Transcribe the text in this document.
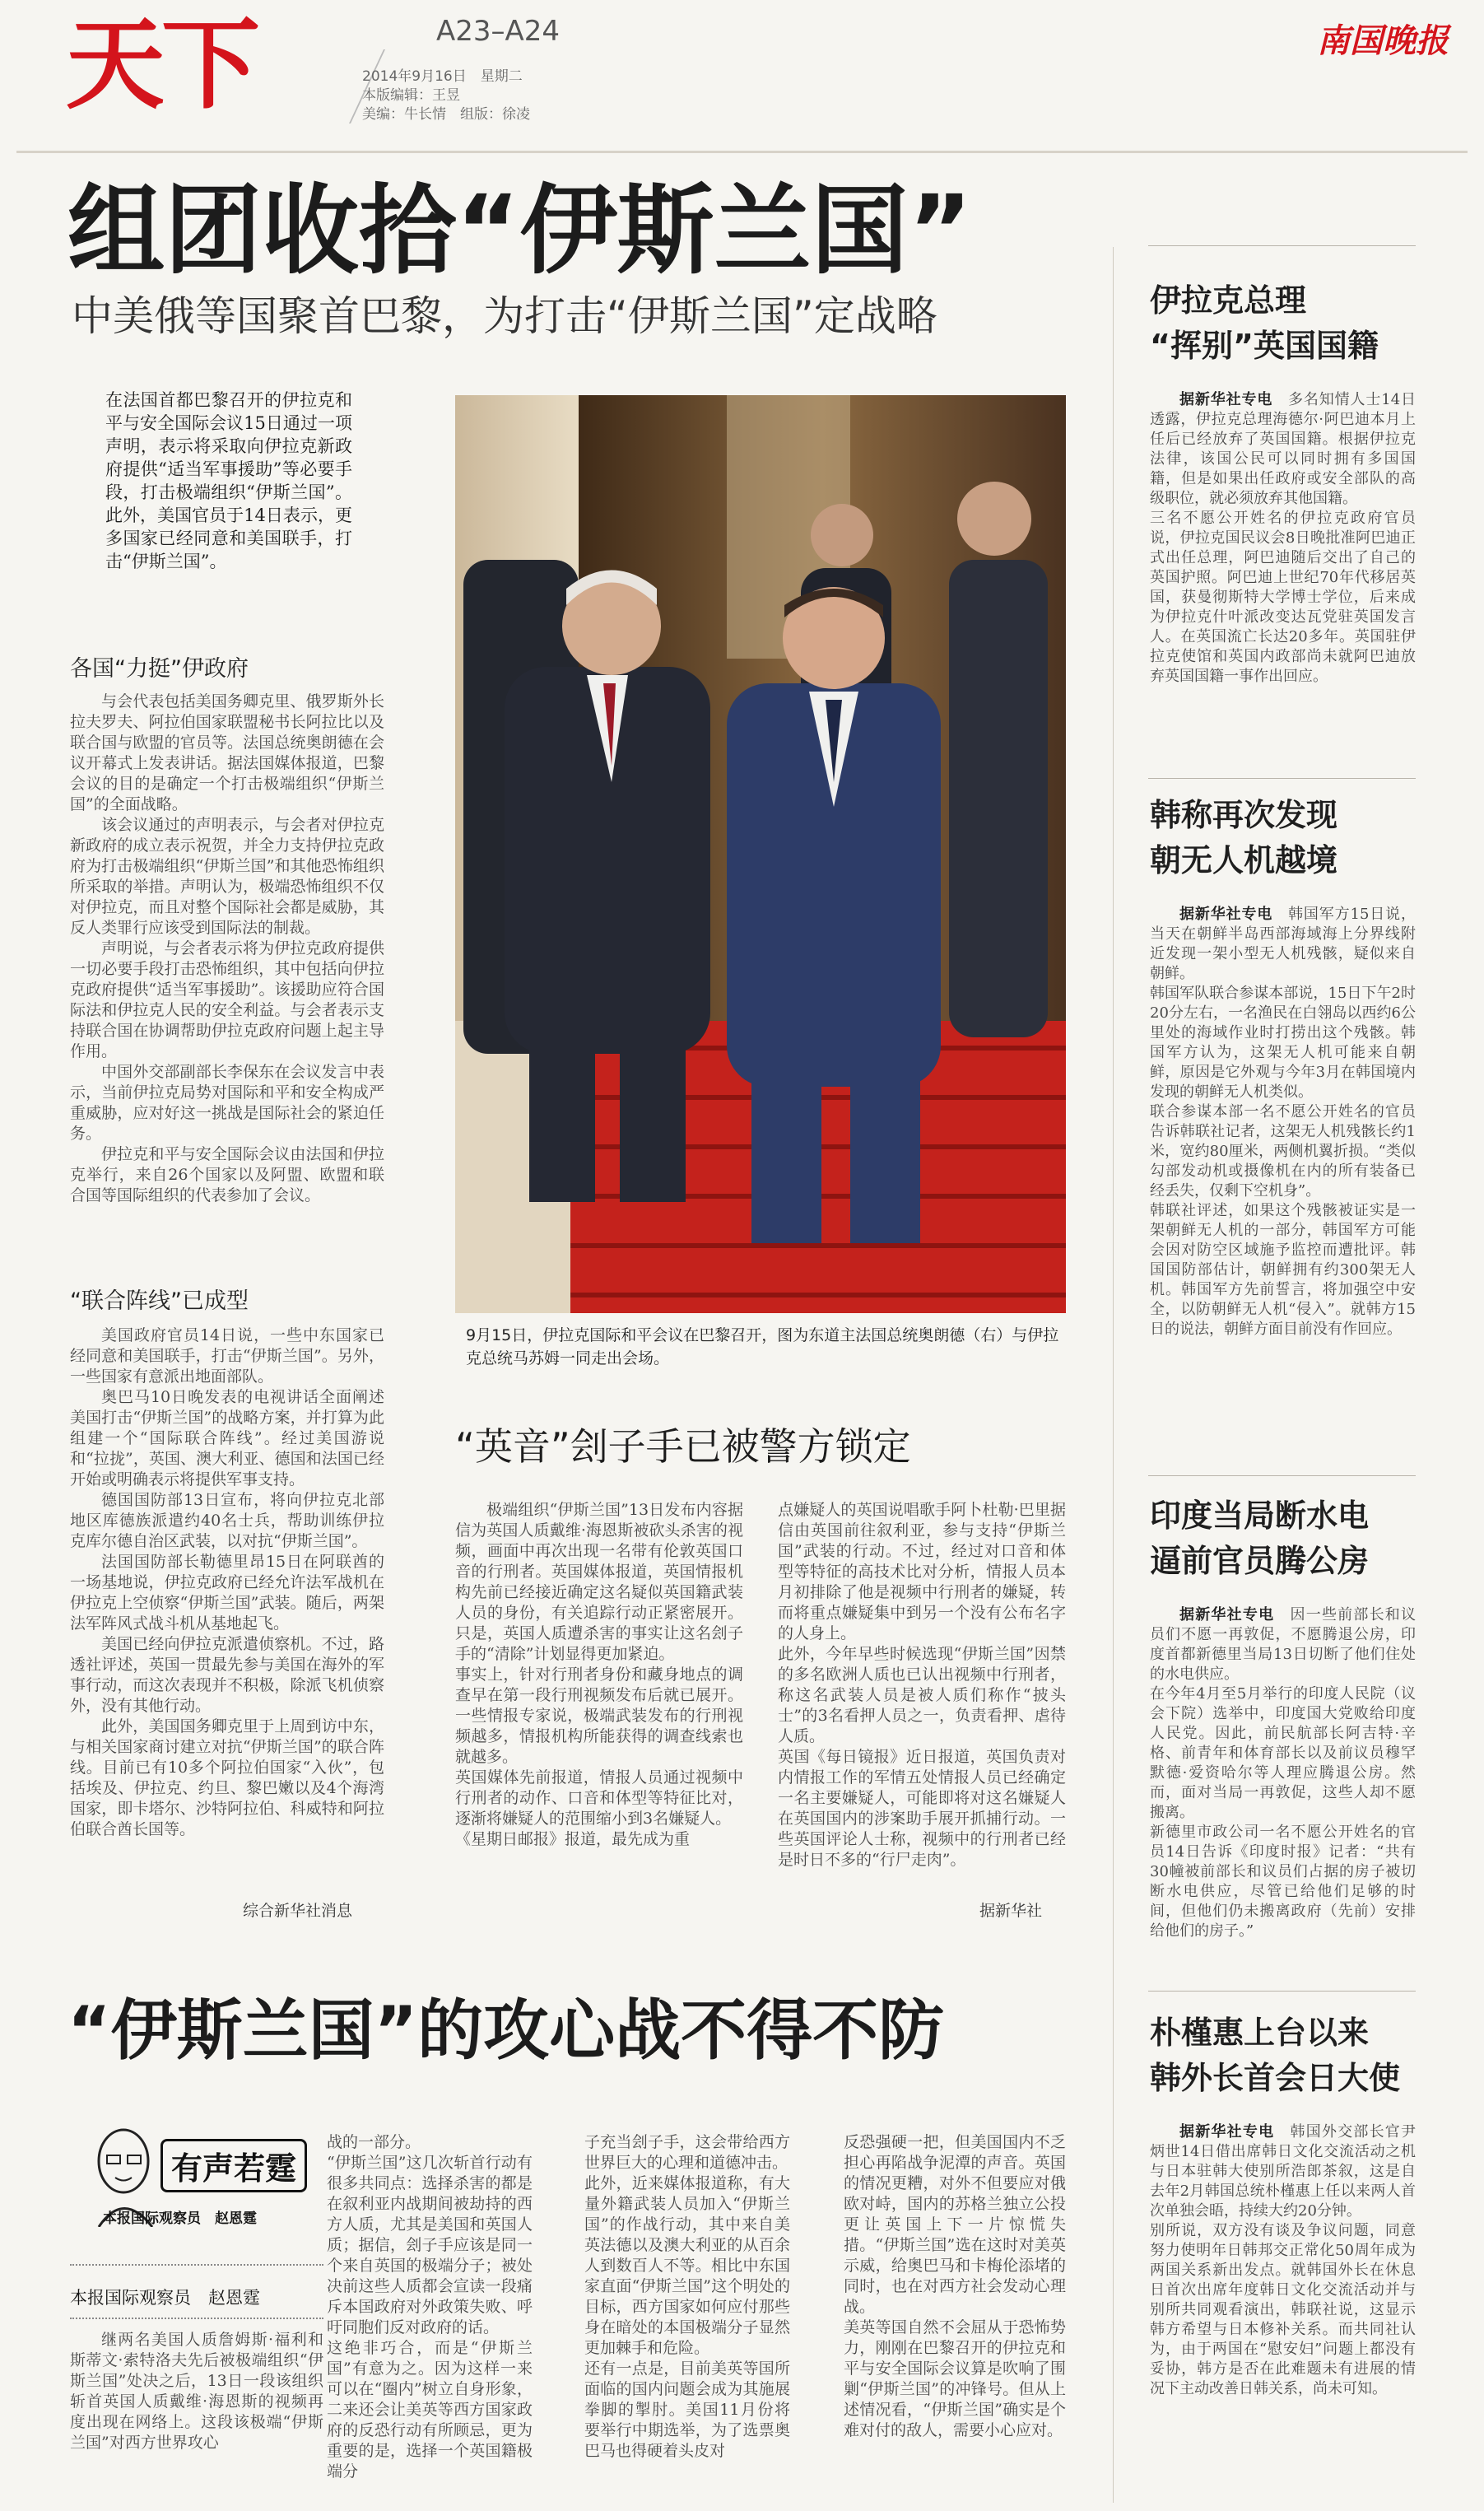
天下	A23–A24
2014年9月16日　星期二
本版编辑：王昱
美编：牛长情　组版：徐凌
南国晚报
组团收拾“伊斯兰国”
中美俄等国聚首巴黎，为打击“伊斯兰国”定战略

在法国首都巴黎召开的伊拉克和平与安全国际会议15日通过一项声明，表示将采取向伊拉克新政府提供“适当军事援助”等必要手段，打击极端组织“伊斯兰国”。此外，美国官员于14日表示，更多国家已经同意和美国联手，打击“伊斯兰国”。

各国“力挺”伊政府

与会代表包括美国务卿克里、俄罗斯外长拉夫罗夫、阿拉伯国家联盟秘书长阿拉比以及联合国与欧盟的官员等。法国总统奥朗德在会议开幕式上发表讲话。据法国媒体报道，巴黎会议的目的是确定一个打击极端组织“伊斯兰国”的全面战略。

该会议通过的声明表示，与会者对伊拉克新政府的成立表示祝贺，并全力支持伊拉克政府为打击极端组织“伊斯兰国”和其他恐怖组织所采取的举措。声明认为，极端恐怖组织不仅对伊拉克，而且对整个国际社会都是威胁，其反人类罪行应该受到国际法的制裁。

声明说，与会者表示将为伊拉克政府提供一切必要手段打击恐怖组织，其中包括向伊拉克政府提供“适当军事援助”。该援助应符合国际法和伊拉克人民的安全利益。与会者表示支持联合国在协调帮助伊拉克政府问题上起主导作用。

中国外交部副部长李保东在会议发言中表示，当前伊拉克局势对国际和平和安全构成严重威胁，应对好这一挑战是国际社会的紧迫任务。

伊拉克和平与安全国际会议由法国和伊拉克举行，来自26个国家以及阿盟、欧盟和联合国等国际组织的代表参加了会议。

“联合阵线”已成型

美国政府官员14日说，一些中东国家已经同意和美国联手，打击“伊斯兰国”。另外，一些国家有意派出地面部队。

奥巴马10日晚发表的电视讲话全面阐述美国打击“伊斯兰国”的战略方案，并打算为此组建一个“国际联合阵线”。经过美国游说和“拉拢”，英国、澳大利亚、德国和法国已经开始或明确表示将提供军事支持。

德国国防部13日宣布，将向伊拉克北部地区库德族派遣约40名士兵，帮助训练伊拉克库尔德自治区武装，以对抗“伊斯兰国”。

法国国防部长勒德里昂15日在阿联酋的一场基地说，伊拉克政府已经允许法军战机在伊拉克上空侦察“伊斯兰国”武装。随后，两架法军阵风式战斗机从基地起飞。

美国已经向伊拉克派遣侦察机。不过，路透社评述，英国一贯最先参与美国在海外的军事行动，而这次表现并不积极，除派飞机侦察外，没有其他行动。

此外，美国国务卿克里于上周到访中东，与相关国家商讨建立对抗“伊斯兰国”的联合阵线。目前已有10多个阿拉伯国家“入伙”，包括埃及、伊拉克、约旦、黎巴嫩以及4个海湾国家，即卡塔尔、沙特阿拉伯、科威特和阿拉伯联合酋长国等。

综合新华社消息
9月15日，伊拉克国际和平会议在巴黎召开，图为东道主法国总统奥朗德（右）与伊拉克总统马苏姆一同走出会场。
“英音”刽子手已被警方锁定

极端组织“伊斯兰国”13日发布内容据信为英国人质戴维·海恩斯被砍头杀害的视频，画面中再次出现一名带有伦敦英国口音的行刑者。英国媒体报道，英国情报机构先前已经接近确定这名疑似英国籍武装人员的身份，有关追踪行动正紧密展开。只是，英国人质遭杀害的事实让这名刽子手的“清除”计划显得更加紧迫。
事实上，针对行刑者身份和藏身地点的调查早在第一段行刑视频发布后就已展开。一些情报专家说，极端武装发布的行刑视频越多，情报机构所能获得的调查线索也就越多。
英国媒体先前报道，情报人员通过视频中行刑者的动作、口音和体型等特征比对，逐渐将嫌疑人的范围缩小到3名嫌疑人。
《星期日邮报》报道，最先成为重

点嫌疑人的英国说唱歌手阿卜杜勒·巴里据信由英国前往叙利亚，参与支持“伊斯兰国”武装的行动。不过，经过对口音和体型等特征的高技术比对分析，情报人员本月初排除了他是视频中行刑者的嫌疑，转而将重点嫌疑集中到另一个没有公布名字的人身上。
此外，今年早些时候选现“伊斯兰国”因禁的多名欧洲人质也已认出视频中行刑者，称这名武装人员是被人质们称作“披头士”的3名看押人员之一，负责看押、虐待人质。
英国《每日镜报》近日报道，英国负责对内情报工作的军情五处情报人员已经确定一名主要嫌疑人，可能即将对这名嫌疑人在英国国内的涉案助手展开抓捕行动。一些英国评论人士称，视频中的行刑者已经是时日不多的“行尸走肉”。

据新华社
“伊斯兰国”的攻心战不得不防
有声若霆
本报国际观察员　赵恩霆
本报国际观察员　赵恩霆

继两名美国人质詹姆斯·福利和斯蒂文·索特洛夫先后被极端组织“伊斯兰国”处决之后，13日一段该组织斩首英国人质戴维·海恩斯的视频再度出现在网络上。这段该极端“伊斯兰国”对西方世界攻心

战的一部分。
“伊斯兰国”这几次斩首行动有很多共同点：选择杀害的都是在叙利亚内战期间被劫持的西方人质，尤其是美国和英国人质；据信，刽子手应该是同一个来自英国的极端分子；被处决前这些人质都会宣读一段痛斥本国政府对外政策失败、呼吁同胞们反对政府的话。
这绝非巧合，而是“伊斯兰国”有意为之。因为这样一来可以在“圈内”树立自身形象，二来还会让美英等西方国家政府的反恐行动有所顾忌，更为重要的是，选择一个英国籍极端分

子充当刽子手，这会带给西方世界巨大的心理和道德冲击。
此外，近来媒体报道称，有大量外籍武装人员加入“伊斯兰国”的作战行动，其中来自美英法德以及澳大利亚的从百余人到数百人不等。相比中东国家直面“伊斯兰国”这个明处的目标，西方国家如何应付那些身在暗处的本国极端分子显然更加棘手和危险。
还有一点是，目前美英等国所面临的国内问题会成为其施展拳脚的掣肘。美国11月份将要举行中期选举，为了选票奥巴马也得硬着头皮对

反恐强硬一把，但美国国内不乏担心再陷战争泥潭的声音。英国的情况更糟，对外不但要应对俄欧对峙，国内的苏格兰独立公投更让英国上下一片惊慌失措。“伊斯兰国”选在这时对美英示威，给奥巴马和卡梅伦添堵的同时，也在对西方社会发动心理战。
美英等国自然不会屈从于恐怖势力，刚刚在巴黎召开的伊拉克和平与安全国际会议算是吹响了围剿“伊斯兰国”的冲锋号。但从上述情况看，“伊斯兰国”确实是个难对付的敌人，需要小心应对。

伊拉克总理
“挥别”英国国籍

据新华社专电　 多名知情人士14日透露，伊拉克总理海德尔·阿巴迪本月上任后已经放弃了英国国籍。根据伊拉克法律，该国公民可以同时拥有多国国籍，但是如果出任政府或安全部队的高级职位，就必须放弃其他国籍。
三名不愿公开姓名的伊拉克政府官员说，伊拉克国民议会8日晚批准阿巴迪正式出任总理，阿巴迪随后交出了自己的英国护照。阿巴迪上世纪70年代移居英国，获曼彻斯特大学博士学位，后来成为伊拉克什叶派改变达瓦党驻英国发言人。在英国流亡长达20多年。英国驻伊拉克使馆和英国内政部尚未就阿巴迪放弃英国国籍一事作出回应。

韩称再次发现
朝无人机越境

据新华社专电　 韩国军方15日说，当天在朝鲜半岛西部海域海上分界线附近发现一架小型无人机残骸，疑似来自朝鲜。
韩国军队联合参谋本部说，15日下午2时20分左右，一名渔民在白翎岛以西约6公里处的海域作业时打捞出这个残骸。韩国军方认为，这架无人机可能来自朝鲜，原因是它外观与今年3月在韩国境内发现的朝鲜无人机类似。
联合参谋本部一名不愿公开姓名的官员告诉韩联社记者，这架无人机残骸长约1米，宽约80厘米，两侧机翼折损。“类似勾部发动机或摄像机在内的所有装备已经丢失，仅剩下空机身”。
韩联社评述，如果这个残骸被证实是一架朝鲜无人机的一部分，韩国军方可能会因对防空区域施予监控而遭批评。韩国国防部估计，朝鲜拥有约300架无人机。韩国军方先前誓言，将加强空中安全，以防朝鲜无人机“侵入”。就韩方15日的说法，朝鲜方面目前没有作回应。

印度当局断水电
逼前官员腾公房

据新华社专电　 因一些前部长和议员们不愿一再敦促，不愿腾退公房，印度首都新德里当局13日切断了他们住处的水电供应。
在今年4月至5月举行的印度人民院（议会下院）选举中，印度国大党败给印度人民党。因此，前民航部长阿吉特·辛格、前青年和体育部长以及前议员穆罕默德·爱资哈尔等人理应腾退公房。然而，面对当局一再敦促，这些人却不愿搬离。
新德里市政公司一名不愿公开姓名的官员14日告诉《印度时报》记者：“共有30幢被前部长和议员们占据的房子被切断水电供应，尽管已给他们足够的时间，但他们仍未搬离政府（先前）安排给他们的房子。”

朴槿惠上台以来
韩外长首会日大使

据新华社专电　 韩国外交部长官尹炳世14日借出席韩日文化交流活动之机与日本驻韩大使别所浩郎茶叙，这是自去年2月韩国总统朴槿惠上任以来两人首次单独会晤，持续大约20分钟。
别所说，双方没有谈及争议问题，同意努力使明年日韩邦交正常化50周年成为两国关系新出发点。就韩国外长在休息日首次出席年度韩日文化交流活动并与别所共同观看演出，韩联社说，这显示韩方希望与日本修补关系。而共同社认为，由于两国在“慰安妇”问题上都没有妥协，韩方是否在此难题未有进展的情况下主动改善日韩关系，尚未可知。
